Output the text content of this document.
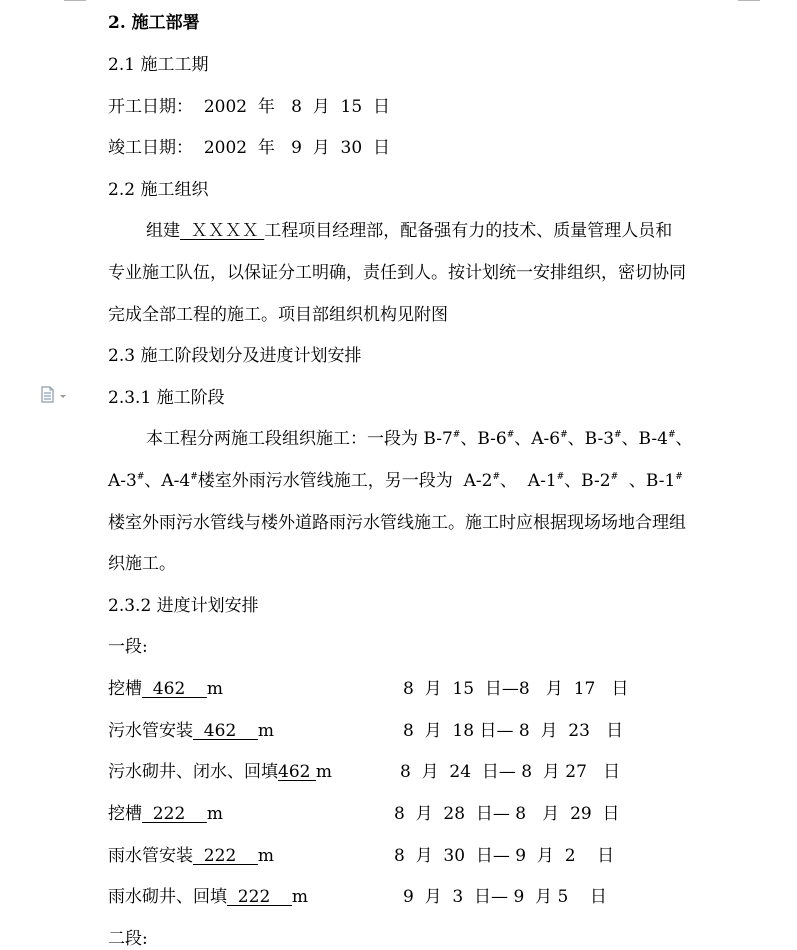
2. 施工部署
2.1 施工工期
开工日期： 2002  年   8  月  15  日
竣工日期： 2002  年   9  月  30  日
2.2 施工组织
组建  ＸＸＸＸ 工程项目经理部，配备强有力的技术、质量管理人员和
专业施工队伍，以保证分工明确，责任到人。按计划统一安排组织，密切协同
完成全部工程的施工。项目部组织机构见附图
2.3 施工阶段划分及进度计划安排
2.3.1 施工阶段
本工程分两施工段组织施工：一段为 B-7#、B-6#、A-6#、B-3#、B-4#、
A-3#、A-4#楼室外雨污水管线施工，另一段为  A-2#、  A-1#、B-2#  、B-1#
楼室外雨污水管线与楼外道路雨污水管线施工。施工时应根据现场场地合理组
织施工。
2.3.2 进度计划安排
一段:
挖槽  462    m	8  月  15  日—8   月  17   日
污水管安装  462    m	8  月  18 日— 8  月  23   日
污水砌井、闭水、回填462 m	8  月  24  日— 8  月 27   日
挖槽  222    m	8  月  28  日— 8   月  29  日
雨水管安装  222    m	8  月  30  日— 9  月  2    日
雨水砌井、回填  222    m	9  月  3  日— 9  月 5    日
二段:
